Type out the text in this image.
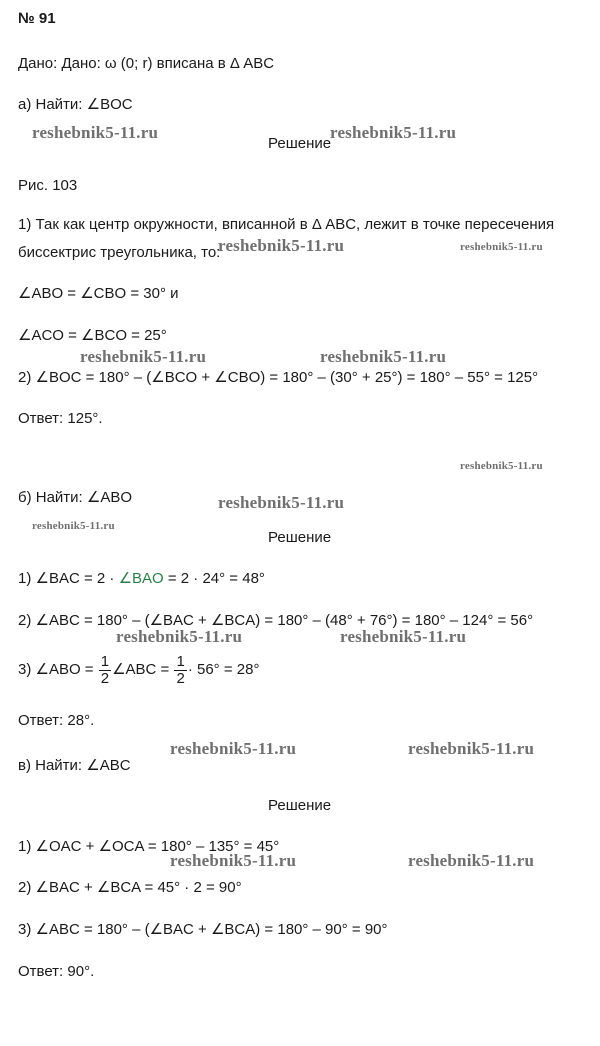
№ 91
Дано: Дано: ω (0; r) вписана в Δ ABC
а) Найти: ∠BOC
reshebnik5-11.ru
Решение
reshebnik5-11.ru
Рис. 103
1) Так как центр окружности, вписанной в Δ ABC, лежит в точке пересечения
биссектрис треугольника, то:
reshebnik5-11.ru	reshebnik5-11.ru
∠ABO = ∠CBO = 30° и
∠ACO = ∠BCO = 25°
reshebnik5-11.ru	reshebnik5-11.ru
2) ∠BOC = 180° – (∠BCO + ∠CBO) = 180° – (30° + 25°) = 180° – 55° = 125°
Ответ: 125°.
reshebnik5-11.ru
б) Найти: ∠ABO	reshebnik5-11.ru
reshebnik5-11.ru
Решение
1) ∠BAC = 2 · ∠BAO = 2 · 24° = 48°
2) ∠ABC = 180° – (∠BAC + ∠BCA) = 180° – (48° + 76°) = 180° – 124° = 56°
reshebnik5-11.ru	reshebnik5-11.ru
3) ∠ABO = $\frac{1}{2}$ ∠ABC = $\frac{1}{2} \cdot 56^\circ = 28^\circ$
Ответ: 28°.
reshebnik5-11.ru	reshebnik5-11.ru
в) Найти: ∠ABC
Решение
1) ∠OAC + ∠OCA = 180° – 135° = 45°
reshebnik5-11.ru	reshebnik5-11.ru
2) ∠BAC + ∠BCA = 45° · 2 = 90°
3) ∠ABC = 180° – (∠BAC + ∠BCA) = 180° – 90° = 90°
Ответ: 90°.
